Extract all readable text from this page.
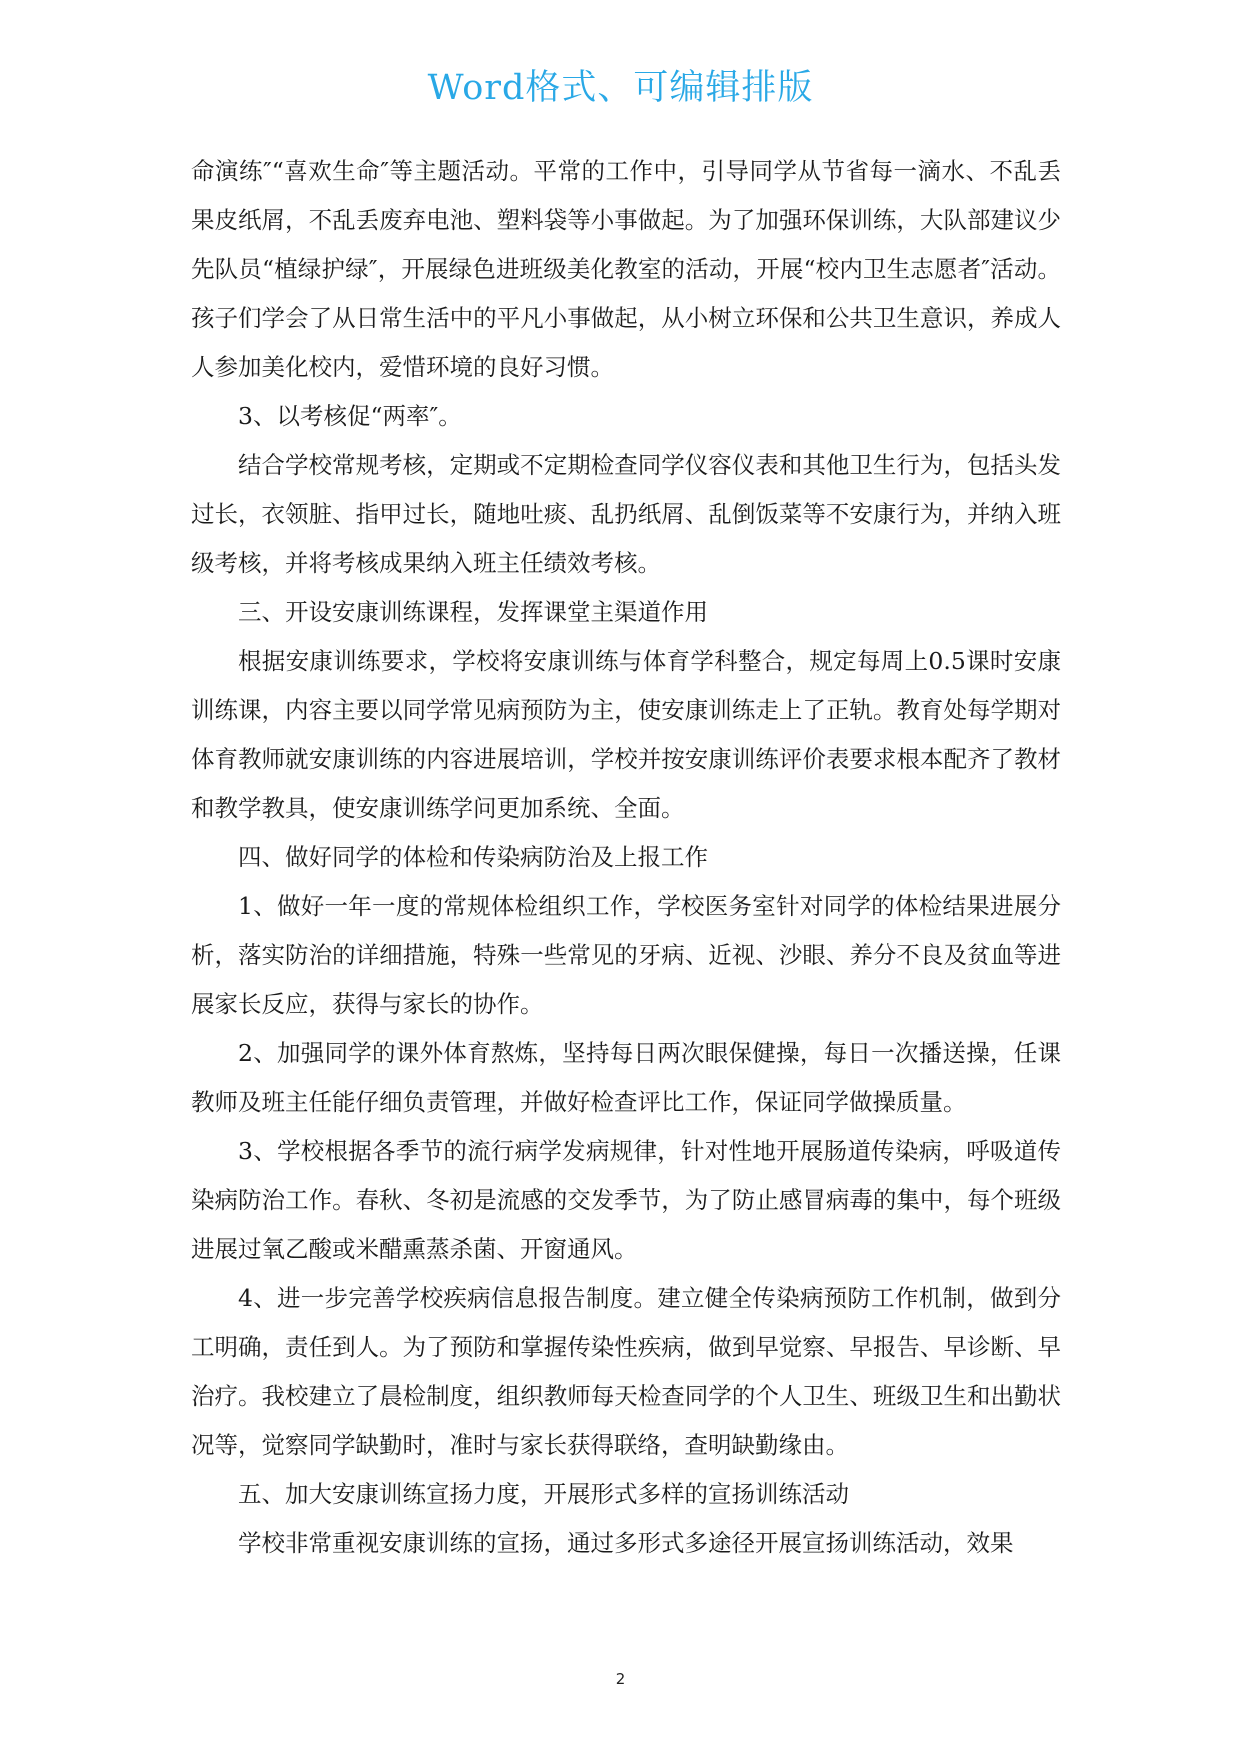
Word格式、可编辑排版

命演练″“喜欢生命″等主题活动。平常的工作中，引导同学从节省每一滴水、不乱丢果皮纸屑，不乱丢废弃电池、塑料袋等小事做起。为了加强环保训练，大队部建议少先队员“植绿护绿″，开展绿色进班级美化教室的活动，开展“校内卫生志愿者″活动。孩子们学会了从日常生活中的平凡小事做起，从小树立环保和公共卫生意识，养成人人参加美化校内，爱惜环境的良好习惯。

3、以考核促“两率″。

结合学校常规考核，定期或不定期检查同学仪容仪表和其他卫生行为，包括头发过长，衣领脏、指甲过长，随地吐痰、乱扔纸屑、乱倒饭菜等不安康行为，并纳入班级考核，并将考核成果纳入班主任绩效考核。

三、开设安康训练课程，发挥课堂主渠道作用

根据安康训练要求，学校将安康训练与体育学科整合，规定每周上0.5课时安康训练课，内容主要以同学常见病预防为主，使安康训练走上了正轨。教育处每学期对体育教师就安康训练的内容进展培训，学校并按安康训练评价表要求根本配齐了教材和教学教具，使安康训练学问更加系统、全面。

四、做好同学的体检和传染病防治及上报工作

1、做好一年一度的常规体检组织工作，学校医务室针对同学的体检结果进展分析，落实防治的详细措施，特殊一些常见的牙病、近视、沙眼、养分不良及贫血等进展家长反应，获得与家长的协作。

2、加强同学的课外体育熬炼，坚持每日两次眼保健操，每日一次播送操，任课教师及班主任能仔细负责管理，并做好检查评比工作，保证同学做操质量。

3、学校根据各季节的流行病学发病规律，针对性地开展肠道传染病，呼吸道传染病防治工作。春秋、冬初是流感的交发季节，为了防止感冒病毒的集中，每个班级进展过氧乙酸或米醋熏蒸杀菌、开窗通风。

4、进一步完善学校疾病信息报告制度。建立健全传染病预防工作机制，做到分工明确，责任到人。为了预防和掌握传染性疾病，做到早觉察、早报告、早诊断、早治疗。我校建立了晨检制度，组织教师每天检查同学的个人卫生、班级卫生和出勤状况等，觉察同学缺勤时，准时与家长获得联络，查明缺勤缘由。

五、加大安康训练宣扬力度，开展形式多样的宣扬训练活动

学校非常重视安康训练的宣扬，通过多形式多途径开展宣扬训练活动，效果

2
